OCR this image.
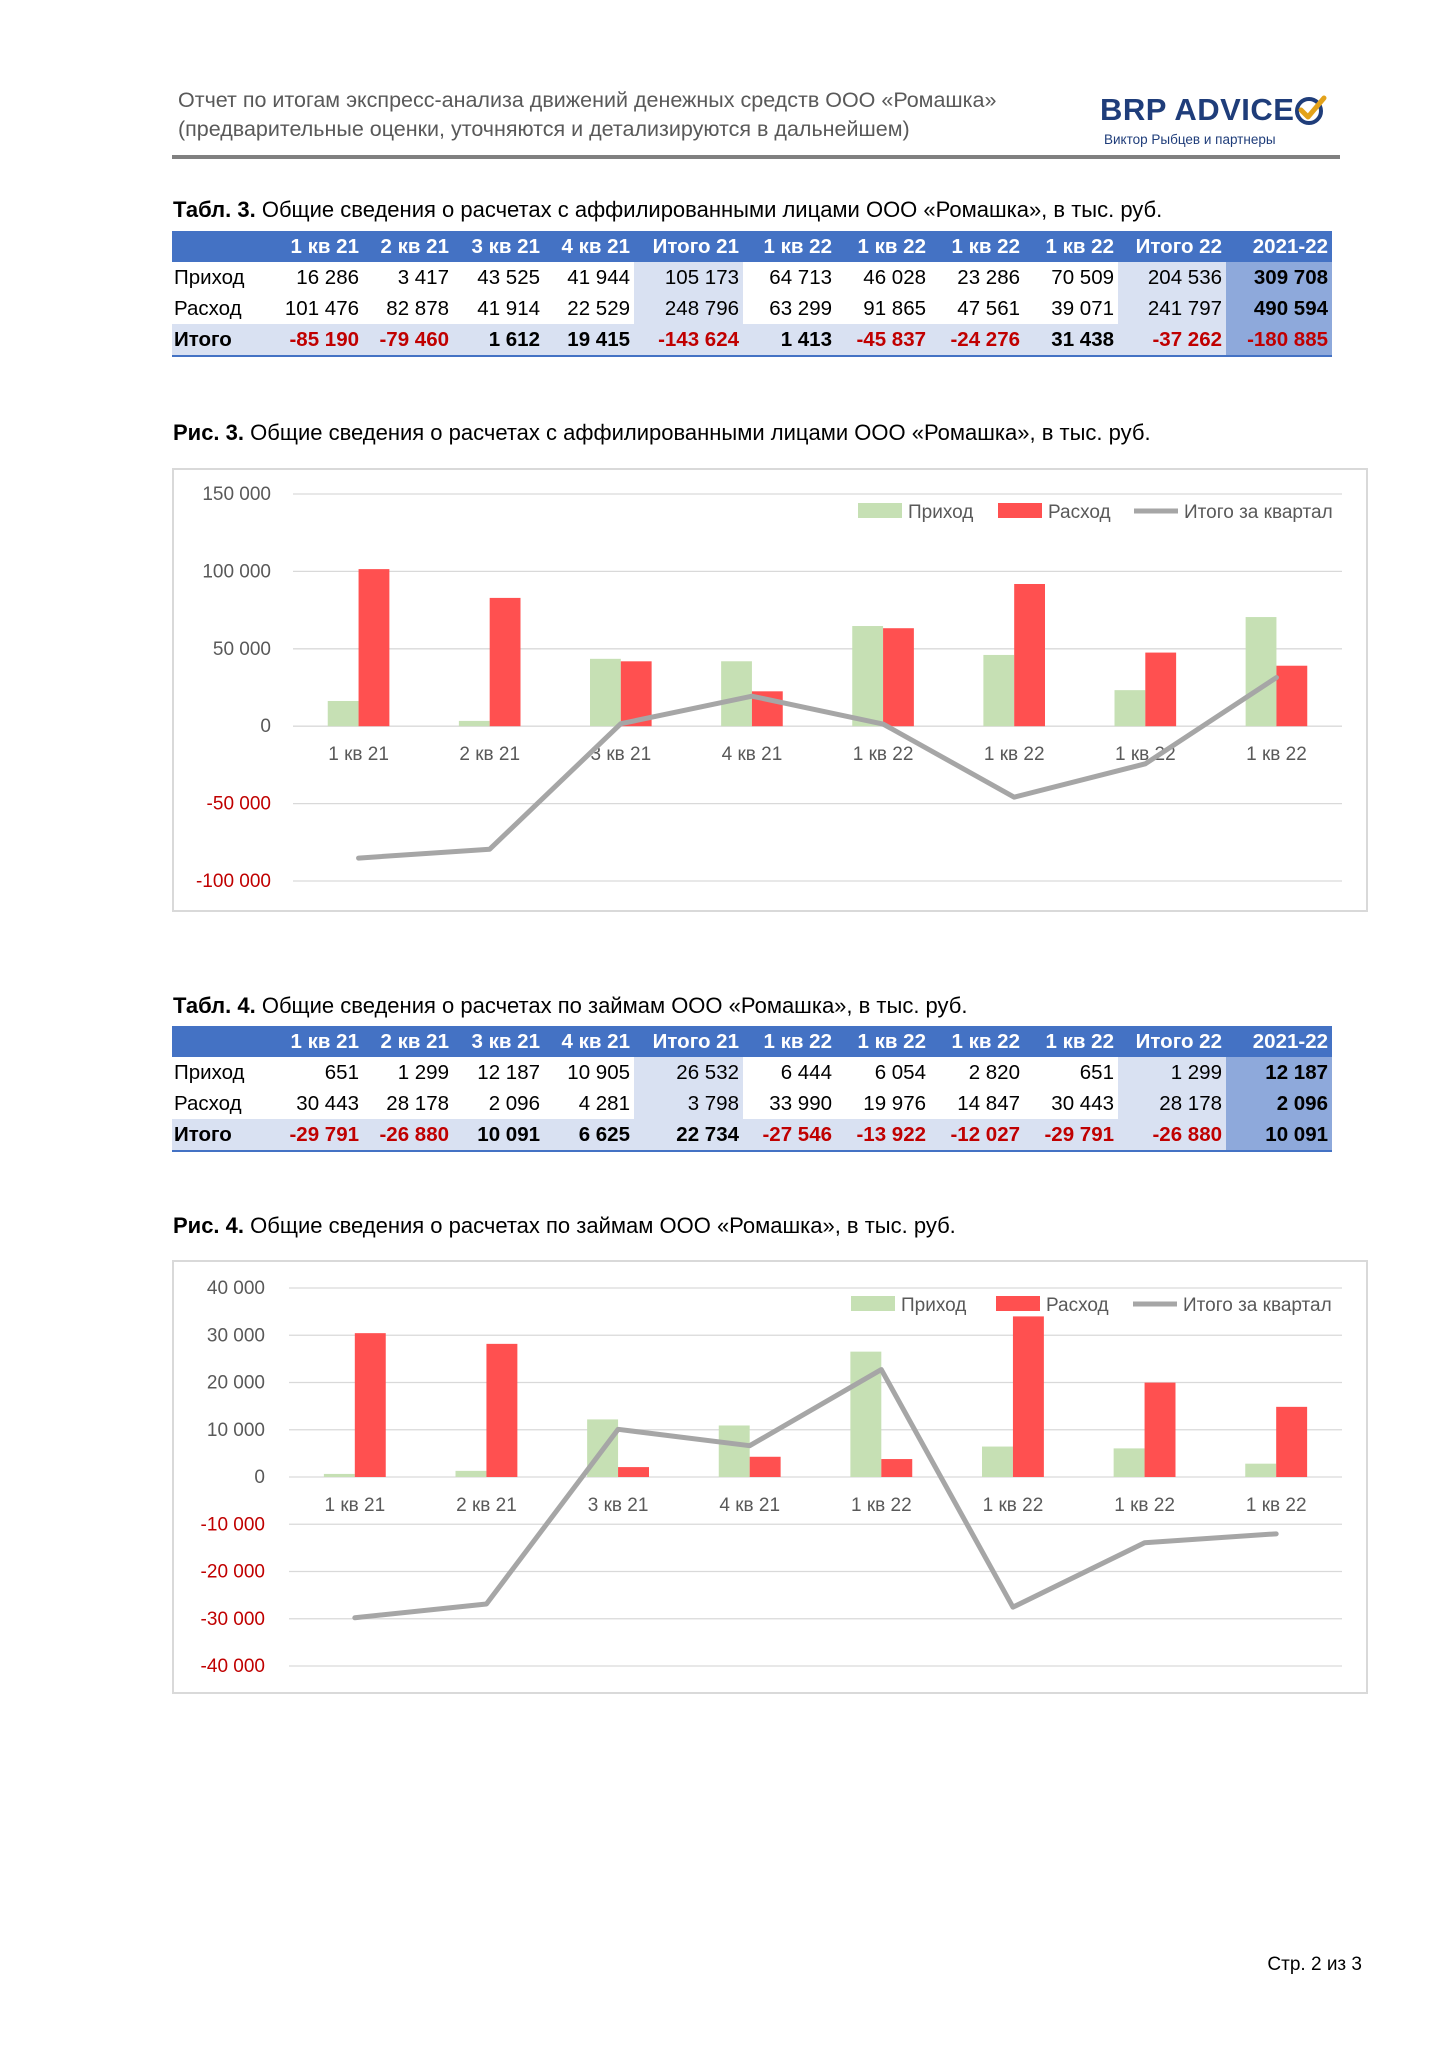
Отчет по итогам экспресс-анализа движений денежных средств ООО «Ромашка»
(предварительные оценки, уточняются и детализируются в дальнейшем)
BRP ADVICE
Виктор Рыбцев и партнеры
Табл. 3. Общие сведения о расчетах с аффилированными лицами ООО «Ромашка», в тыс. руб.
	1 кв 21	2 кв 21	3 кв 21	4 кв 21	Итого 21	1 кв 22	1 кв 22	1 кв 22	1 кв 22	Итого 22	2021-22
Приход	16 286	3 417	43 525	41 944	105 173	64 713	46 028	23 286	70 509	204 536	309 708
Расход	101 476	82 878	41 914	22 529	248 796	63 299	91 865	47 561	39 071	241 797	490 594
Итого	-85 190	-79 460	1 612	19 415	-143 624	1 413	-45 837	-24 276	31 438	-37 262	-180 885
Рис. 3. Общие сведения о расчетах с аффилированными лицами ООО «Ромашка», в тыс. руб.
150 000
100 000
50 000
0
-50 000
-100 000
1 кв 21	2 кв 21	3 кв 21	4 кв 21	1 кв 22	1 кв 22	1 кв 22	1 кв 22
Приход	Расход	Итого за квартал
Табл. 4. Общие сведения о расчетах по займам ООО «Ромашка», в тыс. руб.
	1 кв 21	2 кв 21	3 кв 21	4 кв 21	Итого 21	1 кв 22	1 кв 22	1 кв 22	1 кв 22	Итого 22	2021-22
Приход	651	1 299	12 187	10 905	26 532	6 444	6 054	2 820	651	1 299	12 187
Расход	30 443	28 178	2 096	4 281	3 798	33 990	19 976	14 847	30 443	28 178	2 096
Итого	-29 791	-26 880	10 091	6 625	22 734	-27 546	-13 922	-12 027	-29 791	-26 880	10 091
Рис. 4. Общие сведения о расчетах по займам ООО «Ромашка», в тыс. руб.
40 000
30 000
20 000
10 000
0
-10 000
-20 000
-30 000
-40 000
1 кв 21	2 кв 21	3 кв 21	4 кв 21	1 кв 22	1 кв 22	1 кв 22	1 кв 22
Приход	Расход	Итого за квартал
Стр. 2 из 3
